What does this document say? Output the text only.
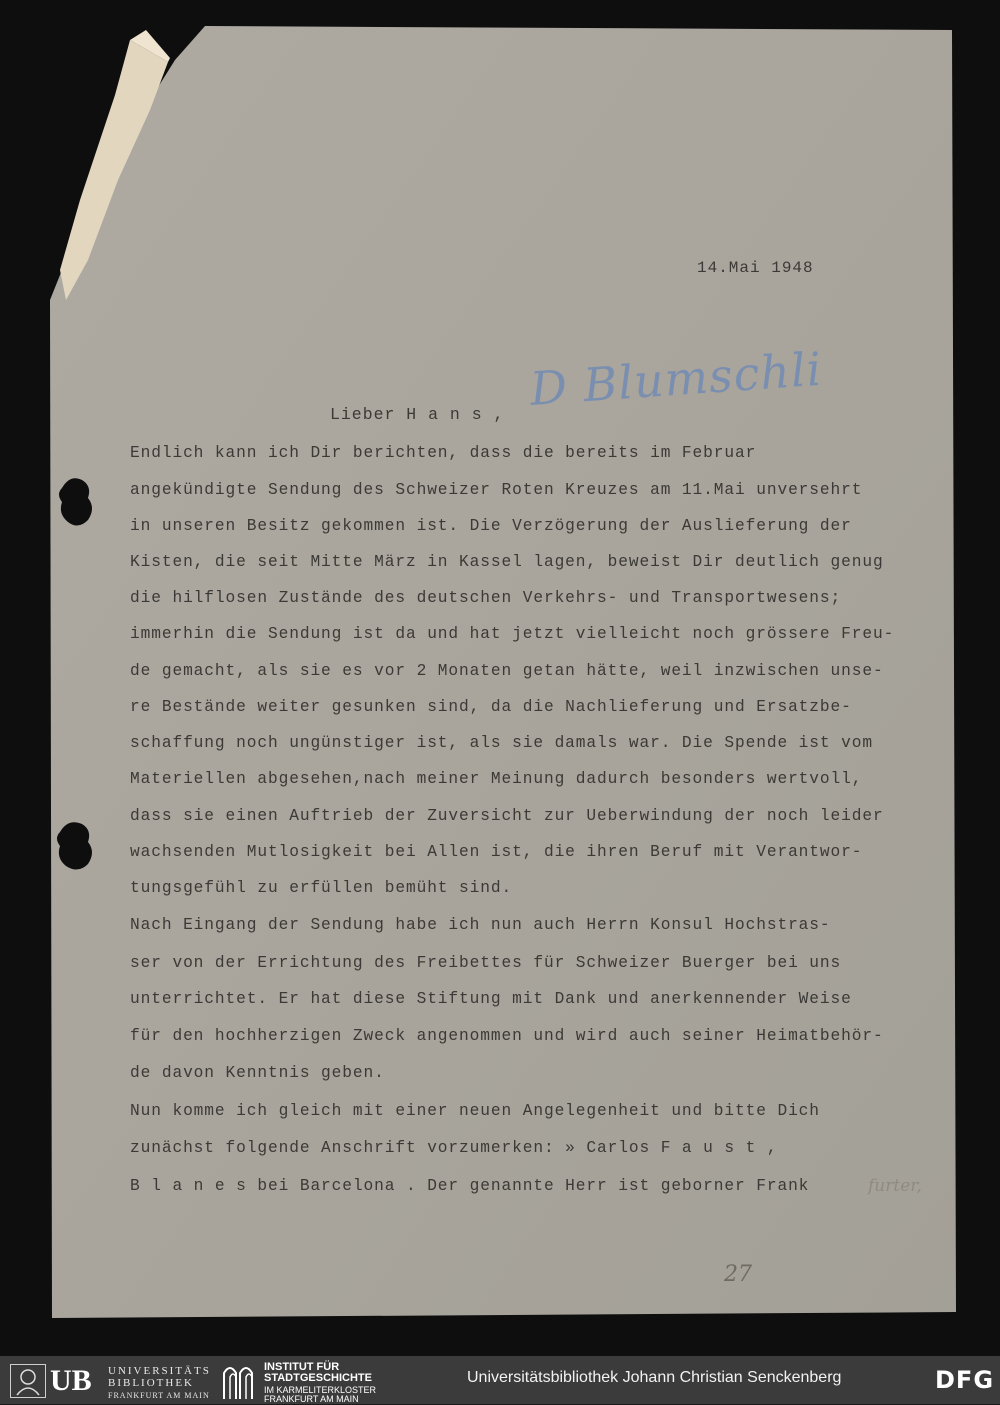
14.Mai 1948
D Blumschli
Lieber H a n s ,
Endlich kann ich Dir berichten, dass die bereits im Februar
angekündigte Sendung des Schweizer Roten Kreuzes am 11.Mai unversehrt
in unseren Besitz gekommen ist. Die Verzögerung der Auslieferung der
Kisten, die seit Mitte März in Kassel lagen, beweist Dir deutlich genug
die hilflosen Zustände des deutschen Verkehrs- und Transportwesens;
immerhin die Sendung ist da und hat jetzt vielleicht noch grössere Freu-
de gemacht, als sie es vor 2 Monaten getan hätte, weil inzwischen unse-
re Bestände weiter gesunken sind, da die Nachlieferung und Ersatzbe-
schaffung noch ungünstiger ist, als sie damals war. Die Spende ist vom
Materiellen abgesehen,nach meiner Meinung dadurch besonders wertvoll,
dass sie einen Auftrieb der Zuversicht zur Ueberwindung der noch leider
wachsenden Mutlosigkeit bei Allen ist, die ihren Beruf mit Verantwor-
tungsgefühl zu erfüllen bemüht sind.
Nach Eingang der Sendung habe ich nun auch Herrn Konsul Hochstras-
ser von der Errichtung des Freibettes für Schweizer Buerger bei uns
unterrichtet. Er hat diese Stiftung mit Dank und anerkennender Weise
für den hochherzigen Zweck angenommen und wird auch seiner Heimatbehör-
de davon Kenntnis geben.
Nun komme ich gleich mit einer neuen Angelegenheit und bitte Dich
zunächst folgende Anschrift vorzumerken: » Carlos F a u s t ,
B l a n e s bei Barcelona . Der genannte Herr ist geborner Frank	furter,
27
UB UNIVERSITÄTS
BIBLIOTHEK
FRANKFURT AM MAIN
INSTITUT FÜR
STADTGESCHICHTE
IM KARMELITERKLOSTER
FRANKFURT AM MAIN
Universitätsbibliothek Johann Christian Senckenberg	DFG
